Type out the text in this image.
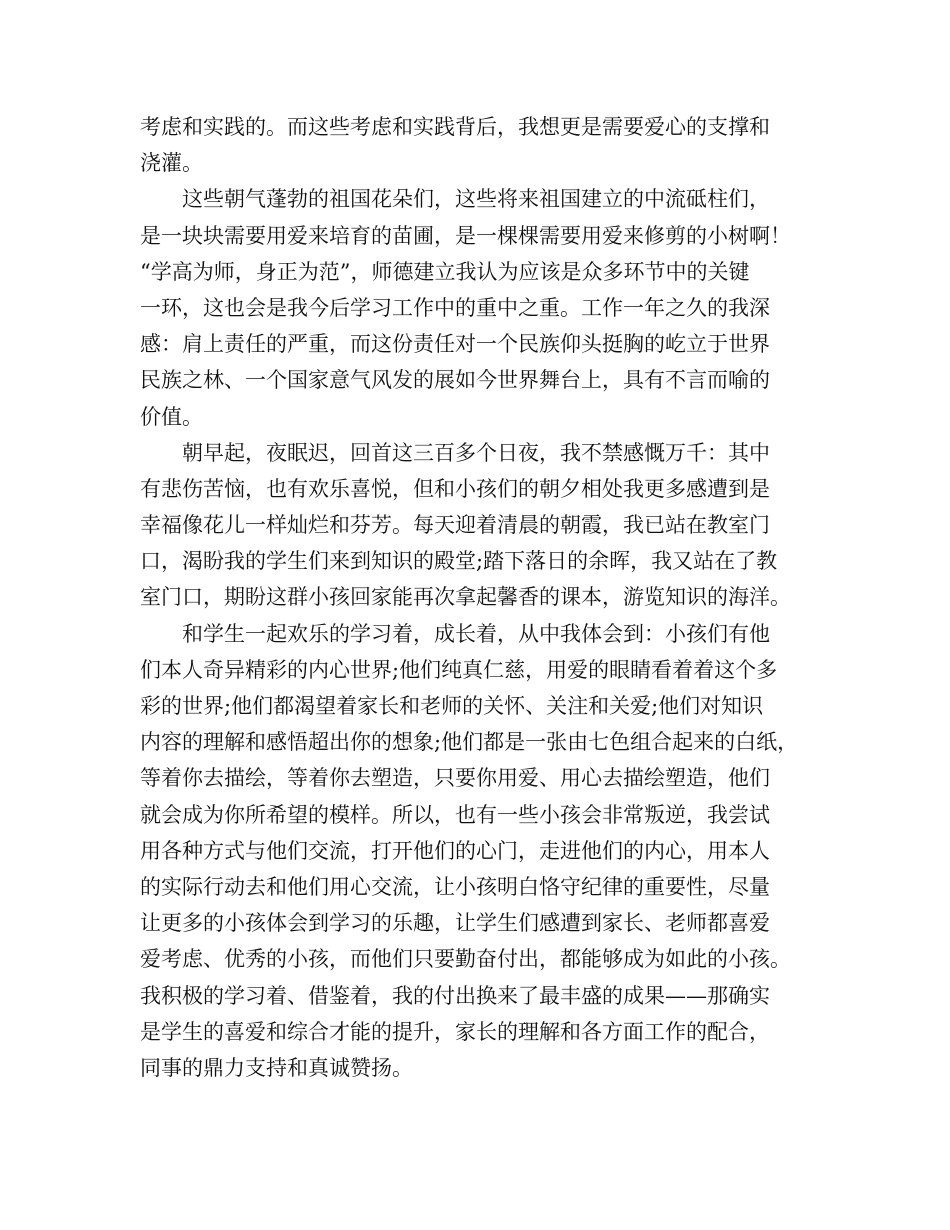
考虑和实践的。而这些考虑和实践背后，我想更是需要爱心的支撑和
浇灌。
这些朝气蓬勃的祖国花朵们，这些将来祖国建立的中流砥柱们，
是一块块需要用爱来培育的苗圃，是一棵棵需要用爱来修剪的小树啊！
“学高为师，身正为范”，师德建立我认为应该是众多环节中的关键
一环，这也会是我今后学习工作中的重中之重。工作一年之久的我深
感：肩上责任的严重，而这份责任对一个民族仰头挺胸的屹立于世界
民族之林、一个国家意气风发的展如今世界舞台上，具有不言而喻的
价值。
朝早起，夜眠迟，回首这三百多个日夜，我不禁感慨万千：其中
有悲伤苦恼，也有欢乐喜悦，但和小孩们的朝夕相处我更多感遭到是
幸福像花儿一样灿烂和芬芳。每天迎着清晨的朝霞，我已站在教室门
口，渴盼我的学生们来到知识的殿堂;踏下落日的余晖，我又站在了教
室门口，期盼这群小孩回家能再次拿起馨香的课本，游览知识的海洋。
和学生一起欢乐的学习着，成长着，从中我体会到：小孩们有他
们本人奇异精彩的内心世界;他们纯真仁慈，用爱的眼睛看着着这个多
彩的世界;他们都渴望着家长和老师的关怀、关注和关爱;他们对知识
内容的理解和感悟超出你的想象;他们都是一张由七色组合起来的白纸，
等着你去描绘，等着你去塑造，只要你用爱、用心去描绘塑造，他们
就会成为你所希望的模样。所以，也有一些小孩会非常叛逆，我尝试
用各种方式与他们交流，打开他们的心门，走进他们的内心，用本人
的实际行动去和他们用心交流，让小孩明白恪守纪律的重要性，尽量
让更多的小孩体会到学习的乐趣，让学生们感遭到家长、老师都喜爱
爱考虑、优秀的小孩，而他们只要勤奋付出，都能够成为如此的小孩。
我积极的学习着、借鉴着，我的付出换来了最丰盛的成果——那确实
是学生的喜爱和综合才能的提升，家长的理解和各方面工作的配合，
同事的鼎力支持和真诚赞扬。
